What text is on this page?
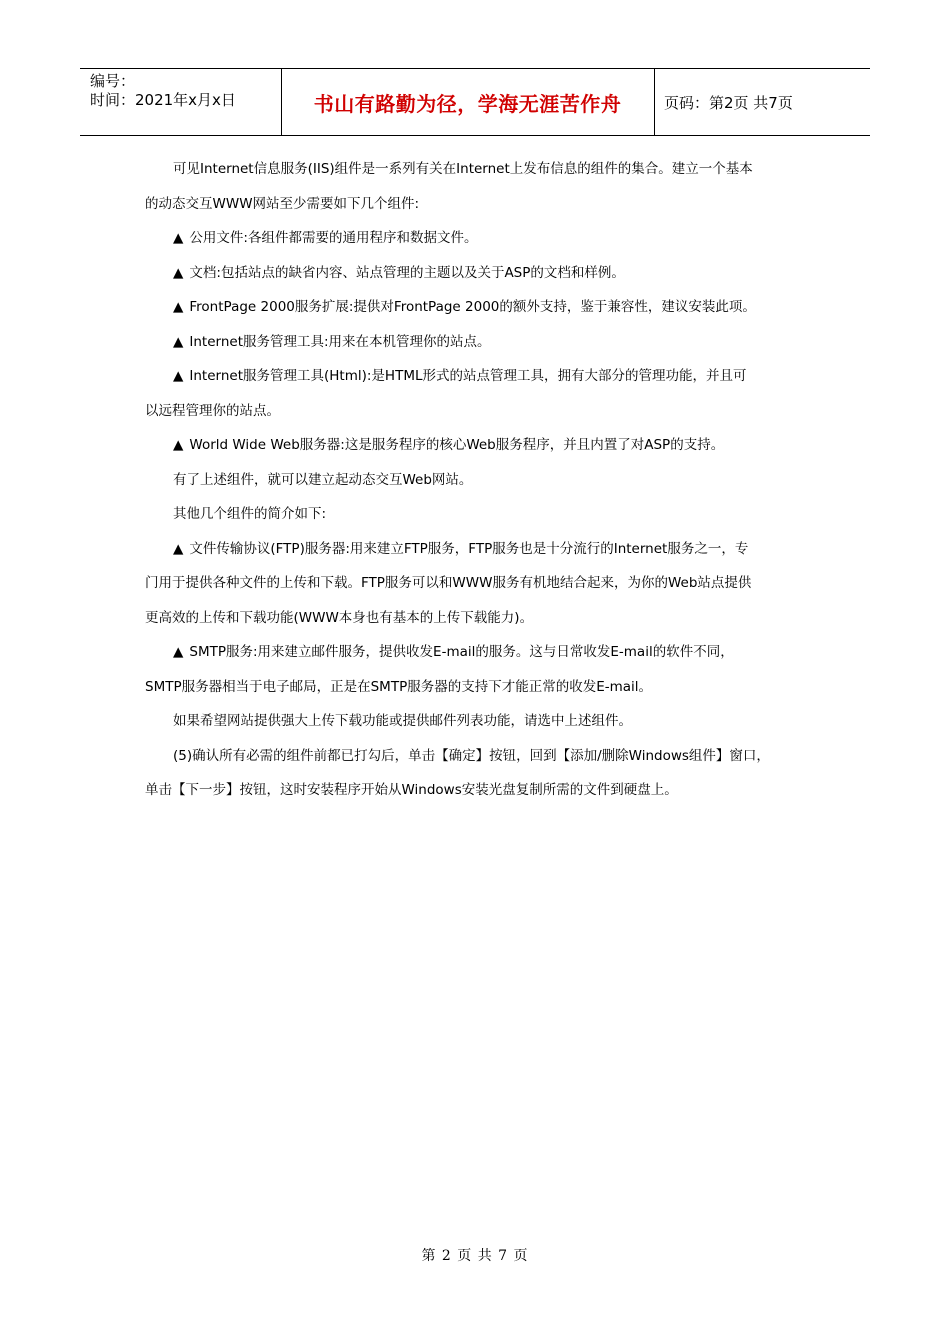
编号：
时间：2021年x月x日	书山有路勤为径，学海无涯苦作舟	页码：第2页 共7页

可见Internet信息服务(IIS)组件是一系列有关在Internet上发布信息的组件的集合。建立一个基本

的动态交互WWW网站至少需要如下几个组件:

▲ 公用文件:各组件都需要的通用程序和数据文件。

▲ 文档:包括站点的缺省内容、站点管理的主题以及关于ASP的文档和样例。

▲ FrontPage 2000服务扩展:提供对FrontPage 2000的额外支持，鉴于兼容性，建议安装此项。

▲ Internet服务管理工具:用来在本机管理你的站点。

▲ Internet服务管理工具(Html):是HTML形式的站点管理工具，拥有大部分的管理功能，并且可

以远程管理你的站点。

▲ World Wide Web服务器:这是服务程序的核心Web服务程序，并且内置了对ASP的支持。

有了上述组件，就可以建立起动态交互Web网站。

其他几个组件的简介如下:

▲ 文件传输协议(FTP)服务器:用来建立FTP服务，FTP服务也是十分流行的Internet服务之一，专

门用于提供各种文件的上传和下载。FTP服务可以和WWW服务有机地结合起来，为你的Web站点提供

更高效的上传和下载功能(WWW本身也有基本的上传下载能力)。

▲ SMTP服务:用来建立邮件服务，提供收发E-mail的服务。这与日常收发E-mail的软件不同，

SMTP服务器相当于电子邮局，正是在SMTP服务器的支持下才能正常的收发E-mail。

如果希望网站提供强大上传下载功能或提供邮件列表功能，请选中上述组件。

(5)确认所有必需的组件前都已打勾后，单击【确定】按钮，回到【添加/删除Windows组件】窗口，

单击【下一步】按钮，这时安装程序开始从Windows安装光盘复制所需的文件到硬盘上。

第 2 页 共 7 页
